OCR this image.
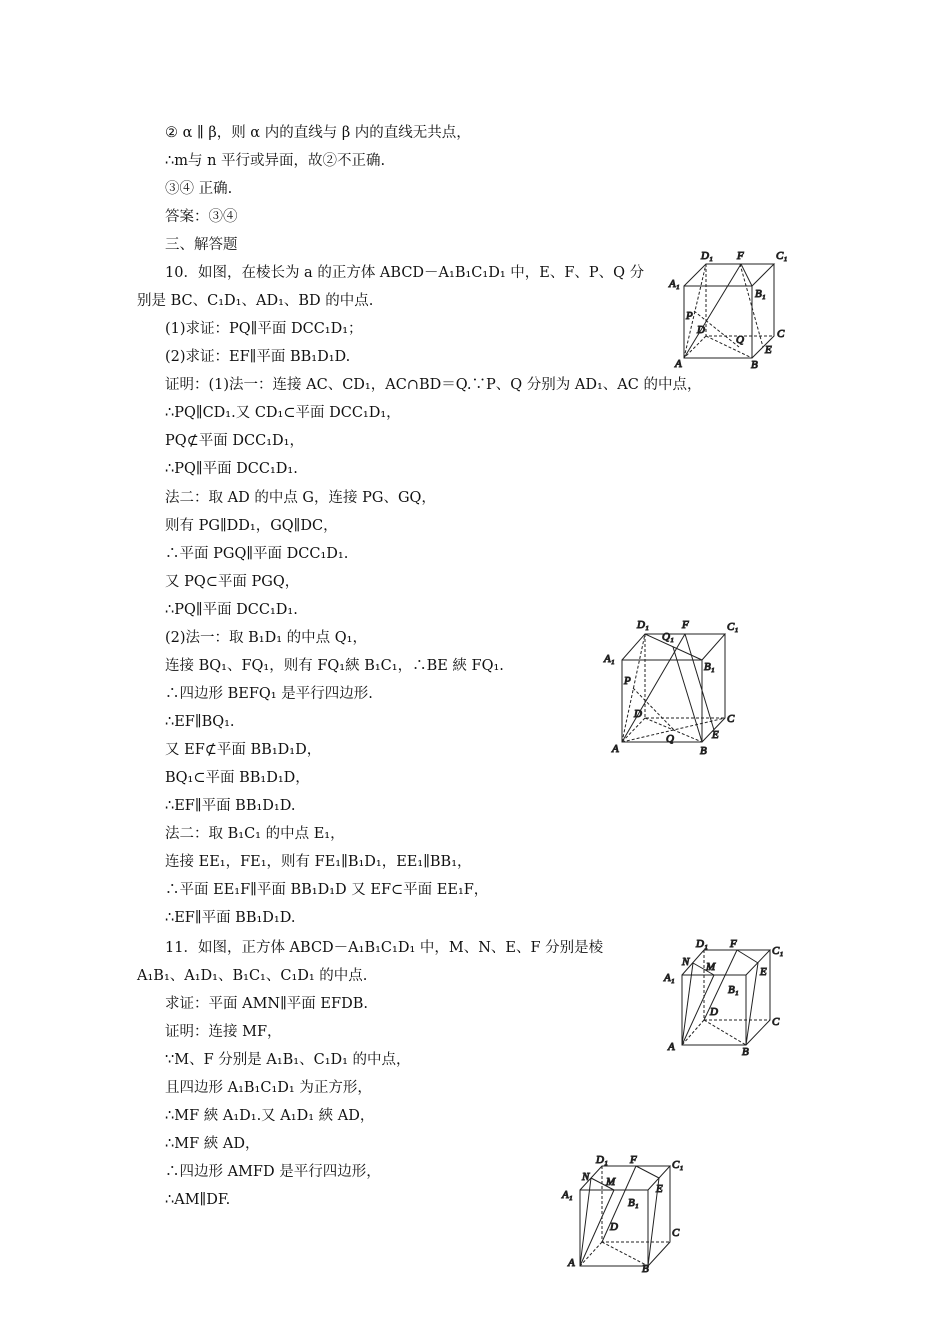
② α ∥ β，则 α 内的直线与 β 内的直线无共点，
∴m与 n 平行或异面，故②不正确.
③④ 正确.
答案：③④
三、解答题
10．如图，在棱长为 a 的正方体 ABCD－A₁B₁C₁D₁ 中，E、F、P、Q 分
别是 BC、C₁D₁、AD₁、BD 的中点.
(1)求证：PQ∥平面 DCC₁D₁；
(2)求证：EF∥平面 BB₁D₁D.
证明：(1)法一：连接 AC、CD₁，AC∩BD＝Q.∵P、Q 分别为 AD₁、AC 的中点，
∴PQ∥CD₁.又 CD₁⊂平面 DCC₁D₁，
PQ⊄平面 DCC₁D₁，
∴PQ∥平面 DCC₁D₁.
法二：取 AD 的中点 G，连接 PG、GQ，
则有 PG∥DD₁，GQ∥DC，
∴平面 PGQ∥平面 DCC₁D₁.
又 PQ⊂平面 PGQ，
∴PQ∥平面 DCC₁D₁.
(2)法一：取 B₁D₁ 的中点 Q₁，
连接 BQ₁、FQ₁，则有 FQ₁綊 B₁C₁，∴BE 綊 FQ₁.
∴四边形 BEFQ₁ 是平行四边形.
∴EF∥BQ₁.
又 EF⊄平面 BB₁D₁D，
BQ₁⊂平面 BB₁D₁D，
∴EF∥平面 BB₁D₁D.
法二：取 B₁C₁ 的中点 E₁，
连接 EE₁，FE₁，则有 FE₁∥B₁D₁，EE₁∥BB₁，
∴平面 EE₁F∥平面 BB₁D₁D 又 EF⊂平面 EE₁F，
∴EF∥平面 BB₁D₁D.
11．如图，正方体 ABCD－A₁B₁C₁D₁ 中，M、N、E、F 分别是棱
A₁B₁、A₁D₁、B₁C₁、C₁D₁ 的中点.
求证：平面 AMN∥平面 EFDB.
证明：连接 MF，
∵M、F 分别是 A₁B₁、C₁D₁ 的中点，
且四边形 A₁B₁C₁D₁ 为正方形，
∴MF 綊 A₁D₁.又 A₁D₁ 綊 AD，
∴MF 綊 AD，
∴四边形 AMFD 是平行四边形，
∴AM∥DF.
D₁ F	C₁
A₁
B₁
P
D
Q	C
E
A	B
D₁
Q₁
F	C₁
A₁
B₁
P
D	C
Q	E
A	B
D₁ F
C₁
N M	E
A₁
B₁
D
C
A	B
D₁ F	C₁
N M
E
A₁
B₁
D	C
A	B
